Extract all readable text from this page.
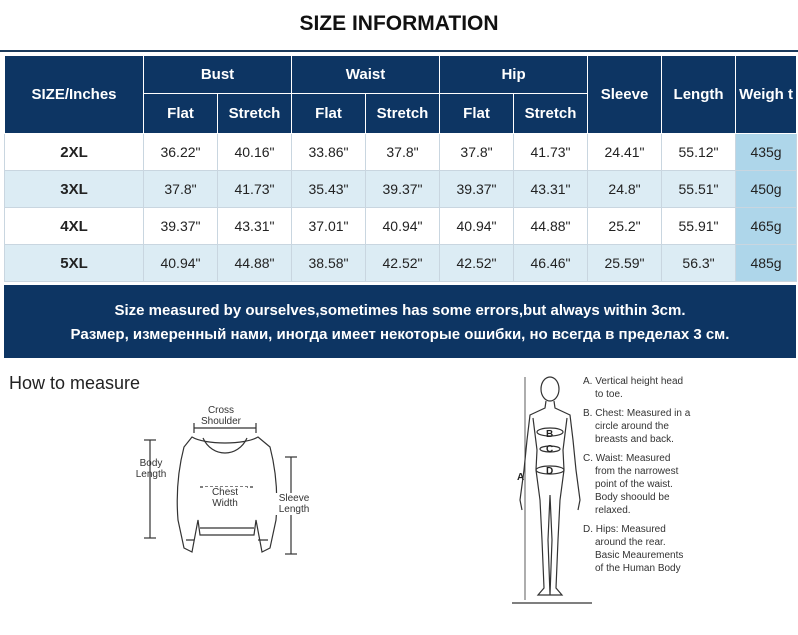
SIZE INFORMATION
SIZE/Inches	Bust		Waist		Hip		Sleeve	Length	Weigh t
	Flat	Stretch	Flat	Stretch	Flat	Stretch			
2XL	36.22"	40.16"	33.86"	37.8"	37.8"	41.73"	24.41"	55.12"	435g
3XL	37.8"	41.73"	35.43"	39.37"	39.37"	43.31"	24.8"	55.51"	450g
4XL	39.37"	43.31"	37.01"	40.94"	40.94"	44.88"	25.2"	55.91"	465g
5XL	40.94"	44.88"	38.58"	42.52"	42.52"	46.46"	25.59"	56.3"	485g
Size measured by ourselves,sometimes has some errors,but always within 3cm.
Размер, измеренный нами, иногда имеет некоторые ошибки, но всегда в пределах 3 см.
How to measure
A
B
C
D
Cross
Shoulder
Body
Length
Chest
Width	Sleeve
Length

A. Vertical height head
to toe.

B. Chest: Measured in a
circle around the
breasts and back.

C. Waist: Measured
from the narrowest
point of the waist.
Body shoould be
relaxed.

D. Hips: Measured
around the rear.
Basic Meaurements
of the Human Body
